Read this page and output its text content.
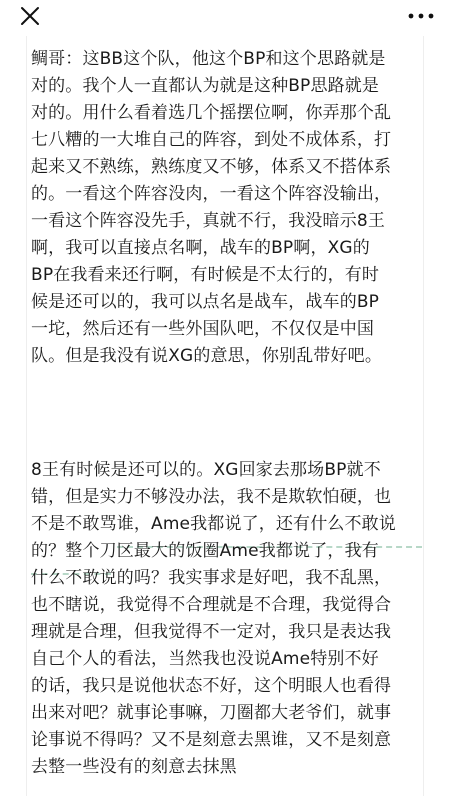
鲷哥：这BB这个队，他这个BP和这个思路就是
对的。我个人一直都认为就是这种BP思路就是
对的。用什么看着选几个摇摆位啊，你弄那个乱
七八糟的一大堆自己的阵容，到处不成体系，打
起来又不熟练，熟练度又不够，体系又不搭体系
的。一看这个阵容没肉，一看这个阵容没输出，
一看这个阵容没先手，真就不行，我没暗示8王
啊，我可以直接点名啊，战车的BP啊，XG的
BP在我看来还行啊，有时候是不太行的，有时
候是还可以的，我可以点名是战车，战车的BP
一坨，然后还有一些外国队吧，不仅仅是中国
队。但是我没有说XG的意思，你别乱带好吧。

8王有时候是还可以的。XG回家去那场BP就不
错，但是实力不够没办法，我不是欺软怕硬，也
不是不敢骂谁，Ame我都说了，还有什么不敢说
的？整个刀区最大的饭圈Ame我都说了，我有
什么不敢说的吗？我实事求是好吧，我不乱黑，
也不瞎说，我觉得不合理就是不合理，我觉得合
理就是合理，但我觉得不一定对，我只是表达我
自己个人的看法，当然我也没说Ame特别不好
的话，我只是说他状态不好，这个明眼人也看得
出来对吧？就事论事嘛，刀圈都大老爷们，就事
论事说不得吗？又不是刻意去黑谁，又不是刻意
去整一些没有的刻意去抹黑
